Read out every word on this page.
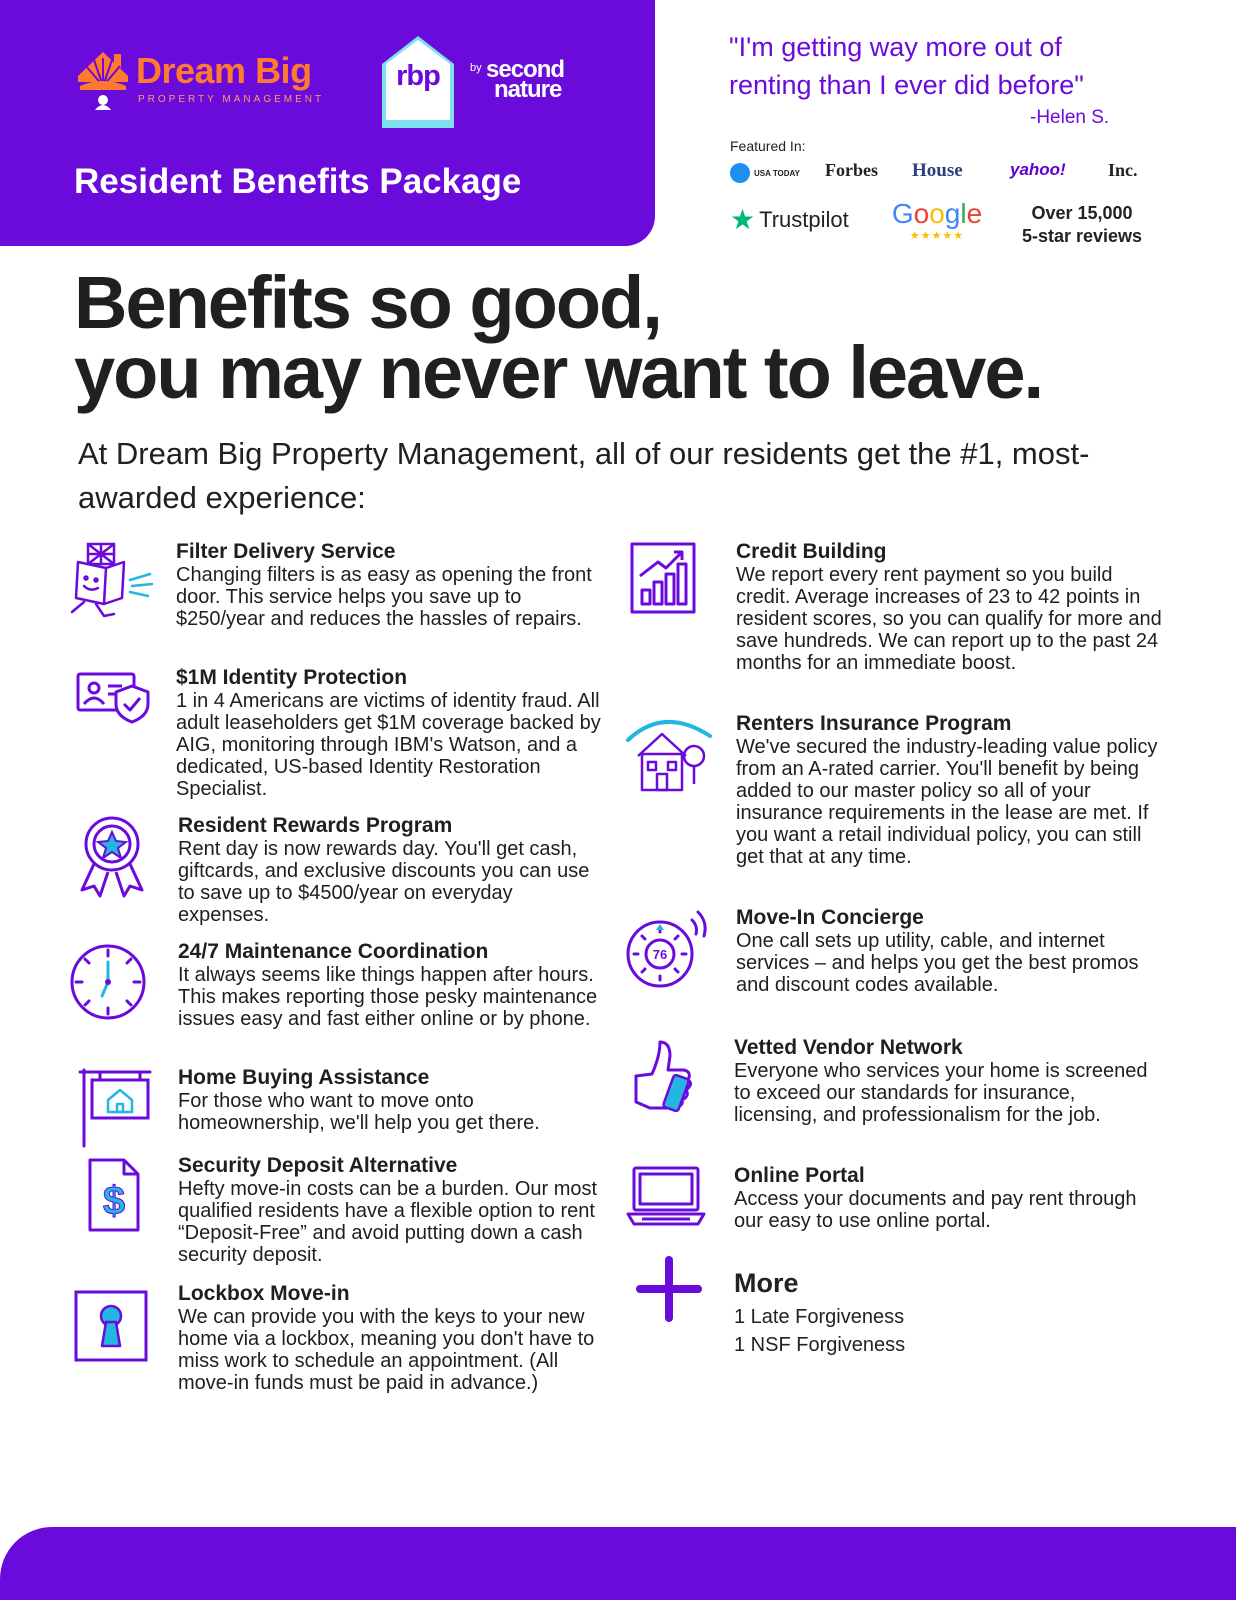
Dream Big
PROPERTY MANAGEMENT
rbp	by second
nature
Resident Benefits Package
"I'm getting way more out of renting than I ever did before"
-Helen S.
Featured In:
USA TODAY Forbes House	yahoo! Inc.
★ Trustpilot Google
★★★★★
Over 15,000
5-star reviews
Benefits so good,
you may never want to leave.
At Dream Big Property Management, all of our residents get the #1, most-awarded experience:
Filter Delivery Service
Changing filters is as easy as opening the front door. This service helps you save up to $250/year and reduces the hassles of repairs.
$1M Identity Protection
1 in 4 Americans are victims of identity fraud. All adult leaseholders get $1M coverage backed by AIG, monitoring through IBM's Watson, and a dedicated, US-based Identity Restoration Specialist.
Resident Rewards Program
Rent day is now rewards day. You'll get cash, giftcards, and exclusive discounts you can use to save up to $4500/year on everyday expenses.
24/7 Maintenance Coordination
It always seems like things happen after hours. This makes reporting those pesky maintenance issues easy and fast either online or by phone.
Home Buying Assistance
For those who want to move onto homeownership, we'll help you get there.
$
Security Deposit Alternative
Hefty move-in costs can be a burden. Our most qualified residents have a flexible option to rent “Deposit-Free” and avoid putting down a cash security deposit.
Lockbox Move-in
We can provide you with the keys to your new home via a lockbox, meaning you don't have to miss work to schedule an appointment. (All move-in funds must be paid in advance.)
Credit Building
We report every rent payment so you build credit. Average increases of 23 to 42 points in resident scores, so you can qualify for more and save hundreds. We can report up to the past 24 months for an immediate boost.
Renters Insurance Program
We've secured the industry-leading value policy from an A-rated carrier. You'll benefit by being added to our master policy so all of your insurance requirements in the lease are met. If you want a retail individual policy, you can still get that at any time.
76
Move-In Concierge
One call sets up utility, cable, and internet services – and helps you get the best promos and discount codes available.
Vetted Vendor Network
Everyone who services your home is screened to exceed our standards for insurance, licensing, and professionalism for the job.
Online Portal
Access your documents and pay rent through our easy to use online portal.
More
1 Late Forgiveness
1 NSF Forgiveness
